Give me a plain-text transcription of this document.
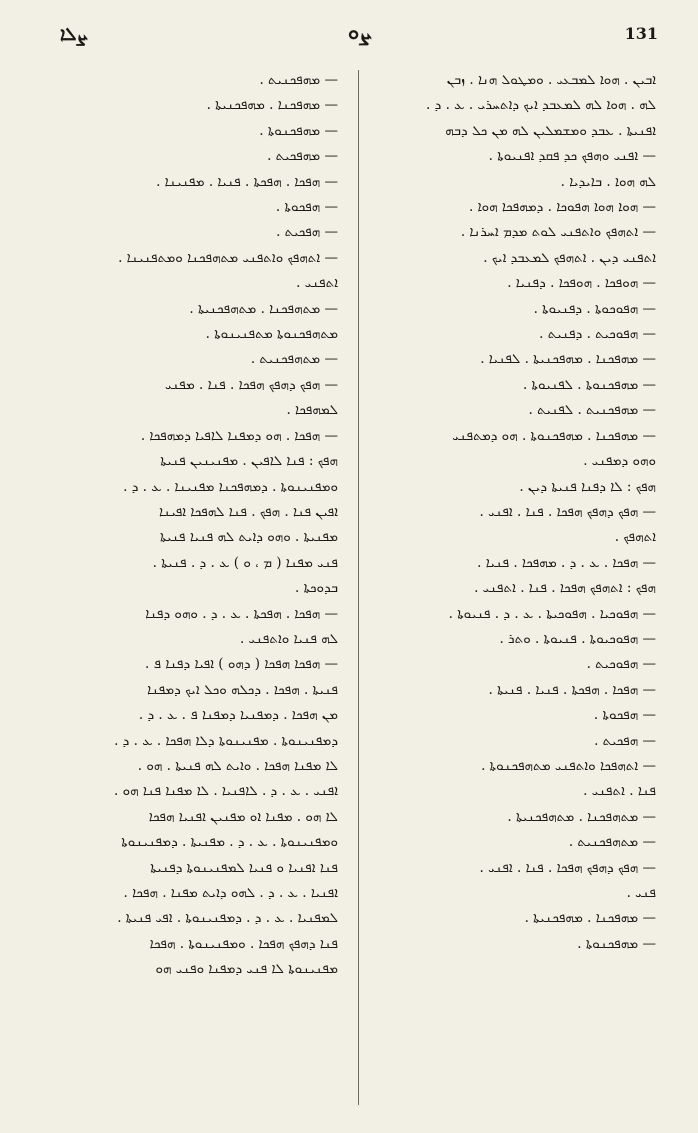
ܨܠܐ	ܨܘ	131
ܐܒܝܢ . ܗܘܐ ܠܡܒܥܝ . ܘܡܛܘܠ ܗܢܐ . ܙܒܢ
ܠܗ . ܗܘܐ ܠܗ ܠܡܥܒܕ ܐܝܟ ܕܐܬܚܪܝ . ܥ . ܕ .
ܐܦܢܝܬܐ . ܥܒܕ ܘܡܫܡܠܝܢ ܠܗ ܡܢ ܟܠ ܕܒܗ
— ܐܦܢܝ ܘܗܦܟ ܟܕ ܦܩܕ ܐܦܢܝܘܬܐ .
ܠܗ ܗܘܐ . ܒܐܝܕܝܐ .
— ܗܘܐ ܗܘܐ ܗܦܘܟܐ . ܕܡܗܦܟܐ ܗܘܐ .
— ܐܬܗܦܟ ܘܐܬܦܢܝ ܠܘܬ ܡܕܡ ܐܚܪܢܐ .
ܐܬܦܢܝ ܕܝܢ . ܐܬܗܦܟ ܠܡܥܒܕ ܐܝܟ .
— ܗܘܦܟܐ . ܗܘܦܟܐ . ܕܦܢܝܐ .
— ܗܦܘܟܘܬܐ . ܕܦܢܝܘܬܐ .
— ܗܦܘܟܝܬ . ܕܦܢܝܬ .
— ܡܗܦܟܢܐ . ܡܗܦܟܢܝܬܐ . ܠܦܢܝܐ .
— ܡܗܦܟܢܘܬܐ . ܠܦܢܝܘܬܐ .
— ܡܗܦܟܢܝܬ . ܠܦܢܝܬ .
— ܡܗܦܟܢܐ . ܡܗܦܟܢܘܬܐ . ܗܘ ܕܡܬܦܢܝ
ܘܗܘ ܕܡܦܢܝ .
ܗܦܟ : ܠܐ ܕܦܢܐ ܦܢܝܬܐ ܕܝܢ .
— ܗܦܟ ܕܗܦܟ ܗܦܟܐ . ܦܢܐ . ܐܦܢܝ .
ܐܬܗܦܟ .
— ܗܦܟܐ . ܥ . ܕ . ܡܗܦܟܐ . ܦܢܝܐ .
ܗܦܟ : ܐܬܗܦܟ ܗܦܟܐ . ܦܢܐ . ܐܬܦܢܝ .
— ܗܦܘܟܝܐ . ܗܦܘܟܝܬܐ . ܥ . ܕ . ܦܢܝܘܬܐ .
— ܗܦܘܟܝܘܬܐ . ܦܢܝܘܬܐ . ܘܬܪ .
— ܗܦܘܟܝܬ .
— ܗܦܟܐ . ܗܦܟܬܐ . ܦܢܝܐ . ܦܢܝܬܐ .
— ܗܦܟܘܬܐ .
— ܗܦܟܝܬ .
— ܐܬܗܦܟܐ ܘܐܬܦܢܝ ܡܬܗܦܟܢܘܬܐ .
ܦܢܐ . ܐܬܦܢܝ .
— ܡܬܗܦܟܢܐ . ܡܬܗܦܟܢܝܬܐ .
— ܡܬܗܦܟܢܝܬ .
— ܗܦܟ ܕܗܦܟ ܗܦܟܐ . ܦܢܐ . ܐܦܢܝ .
ܦܢܝ .
— ܡܗܦܟܢܐ . ܡܗܦܟܢܝܬܐ .
— ܡܗܦܟܢܘܬܐ .
— ܡܗܦܟܢܝܬ .
— ܡܗܦܟܢܐ . ܡܗܦܟܢܝܬܐ .
— ܡܗܦܟܢܘܬܐ .
— ܡܗܦܟܝܬ .
— ܗܦܟܐ . ܗܦܟܬܐ . ܦܢܝܐ . ܡܦܢܝܢܐ .
— ܗܦܟܘܬܐ .
— ܗܦܟܝܬ .
— ܐܬܗܦܟ ܘܐܬܦܢܝ ܡܬܗܦܟܢܐ ܘܡܬܦܢܝܢܐ .
ܐܬܦܢܝ .
— ܡܬܗܦܟܢܐ . ܡܬܗܦܟܢܝܬܐ .
ܡܬܗܦܟܢܘܬܐ ܡܬܦܢܝܢܘܬܐ .
— ܡܬܗܦܟܢܝܬ .
— ܗܦܟ ܕܗܦܟ ܗܦܟܐ . ܦܢܐ . ܡܦܢܝ
ܠܡܗܦܟܐ .
— ܗܦܟܐ . ܗܘ ܕܡܦܢܐ ܠܐܦܝܐ ܕܡܗܦܟܐ .
ܗܦܟ : ܦܢܐ ܠܐܦܝܢ . ܡܦܢܝܢܝܢ ܦܢܝܬܐ
ܘܡܦܢܝܢܘܬܐ . ܕܡܗܦܟܢܐ ܡܦܢܝܢܐ . ܥ . ܕ .
ܐܦܝܢ ܦܢܐ . ܗܦܟ . ܦܢܐ ܠܗܦܟܐ ܐܦܝܢܐ
ܡܦܢܝܬܐ . ܘܗܘ ܕܐܝܬ ܠܗ ܦܢܝܐ ܦܢܝܬܐ
ܦܢܝ ܡܦܢܐ ( ܡ ، ܘ ) ܥ . ܕ . ܦܢܝܬܐ .
ܒܕܘܟܬܐ .
— ܗܦܟܐ . ܗܦܟܬܐ . ܥ . ܕ . ܘܗܘ ܕܦܢܐ
ܠܗ ܦܢܝܐ ܘܐܬܦܢܝ .
— ܗܦܟܐ ܗܦܟܐ ( ܕܗܘ ) ܐܦܝܐ ܕܦܢܐ ܦ .
ܦܢܝܬܐ . ܗܦܟܐ . ܕܟܠܗ ܘܟܠ ܐܝܟ ܕܡܦܢܐ
ܡܢ ܗܦܟܐ . ܕܡܦܢܝܐ ܕܡܦܢܐ ܦ . ܥ . ܕ .
ܕܡܦܢܝܢܘܬܐ . ܡܦܢܝܢܘܬܐ ܕܠܐ ܗܦܟܐ . ܥ . ܕ .
ܠܐ ܡܦܢܐ ܗܦܟܐ . ܘܐܝܬ ܠܗ ܦܢܝܬܐ . ܗܘ .
ܐܦܢܝ . ܥ . ܕ . ܠܐܦܢܝܐ . ܠܐ ܡܦܢܐ ܦܢܐ ܗܘ .
ܠܐ ܗܘ . ܡܦܢܐ ܐܘ ܡܦܢܝܢ ܐܦܢܝܐ ܗܦܟܐ
ܘܡܦܢܝܢܘܬܐ . ܥ . ܕ . ܡܦܢܝܬܐ . ܕܡܦܢܝܢܘܬܐ
ܦܢܐ ܐܦܢܝܐ ܘ ܦܢܝܐ ܠܡܦܢܝܢܘܬܐ ܕܦܢܝܬܐ
ܐܦܢܝܐ . ܥ . ܕ . ܠܗܘ ܕܐܝܬ ܡܦܢܐ . ܗܦܟܐ .
ܠܡܦܢܝܐ . ܥ . ܕ . ܕܡܦܢܝܢܘܬܐ . ܐܦܝ ܦܢܝܬܐ .
ܦܢܐ ܕܗܦܟ ܗܦܟܐ . ܘܡܦܢܝܢܘܬܐ . ܗܦܟܐ
ܡܦܢܝܢܘܬܐ ܠܐ ܦܢܝ ܕܡܦܢܐ ܘܦܢܝ ܗܘ
